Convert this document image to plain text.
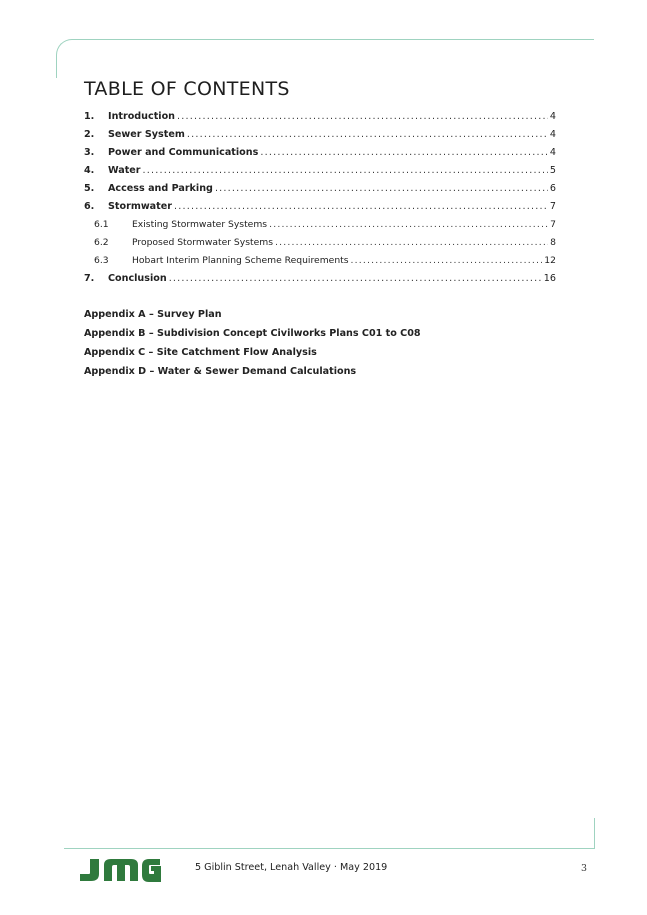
TABLE OF CONTENTS
1.	Introduction .....	4
2.	Sewer System .....	4
3.	Power and Communications .....	4
4.	Water .....	5
5.	Access and Parking .....	6
6.	Stormwater .....	7
6.1	Existing Stormwater Systems .....	7
6.2	Proposed Stormwater Systems .....	8
6.3	Hobart Interim Planning Scheme Requirements .....	12
7.	Conclusion .....	16
Appendix A – Survey Plan
Appendix B – Subdivision Concept Civilworks Plans C01 to C08
Appendix C – Site Catchment Flow Analysis
Appendix D – Water & Sewer Demand Calculations
5 Giblin Street, Lenah Valley · May 2019	3
